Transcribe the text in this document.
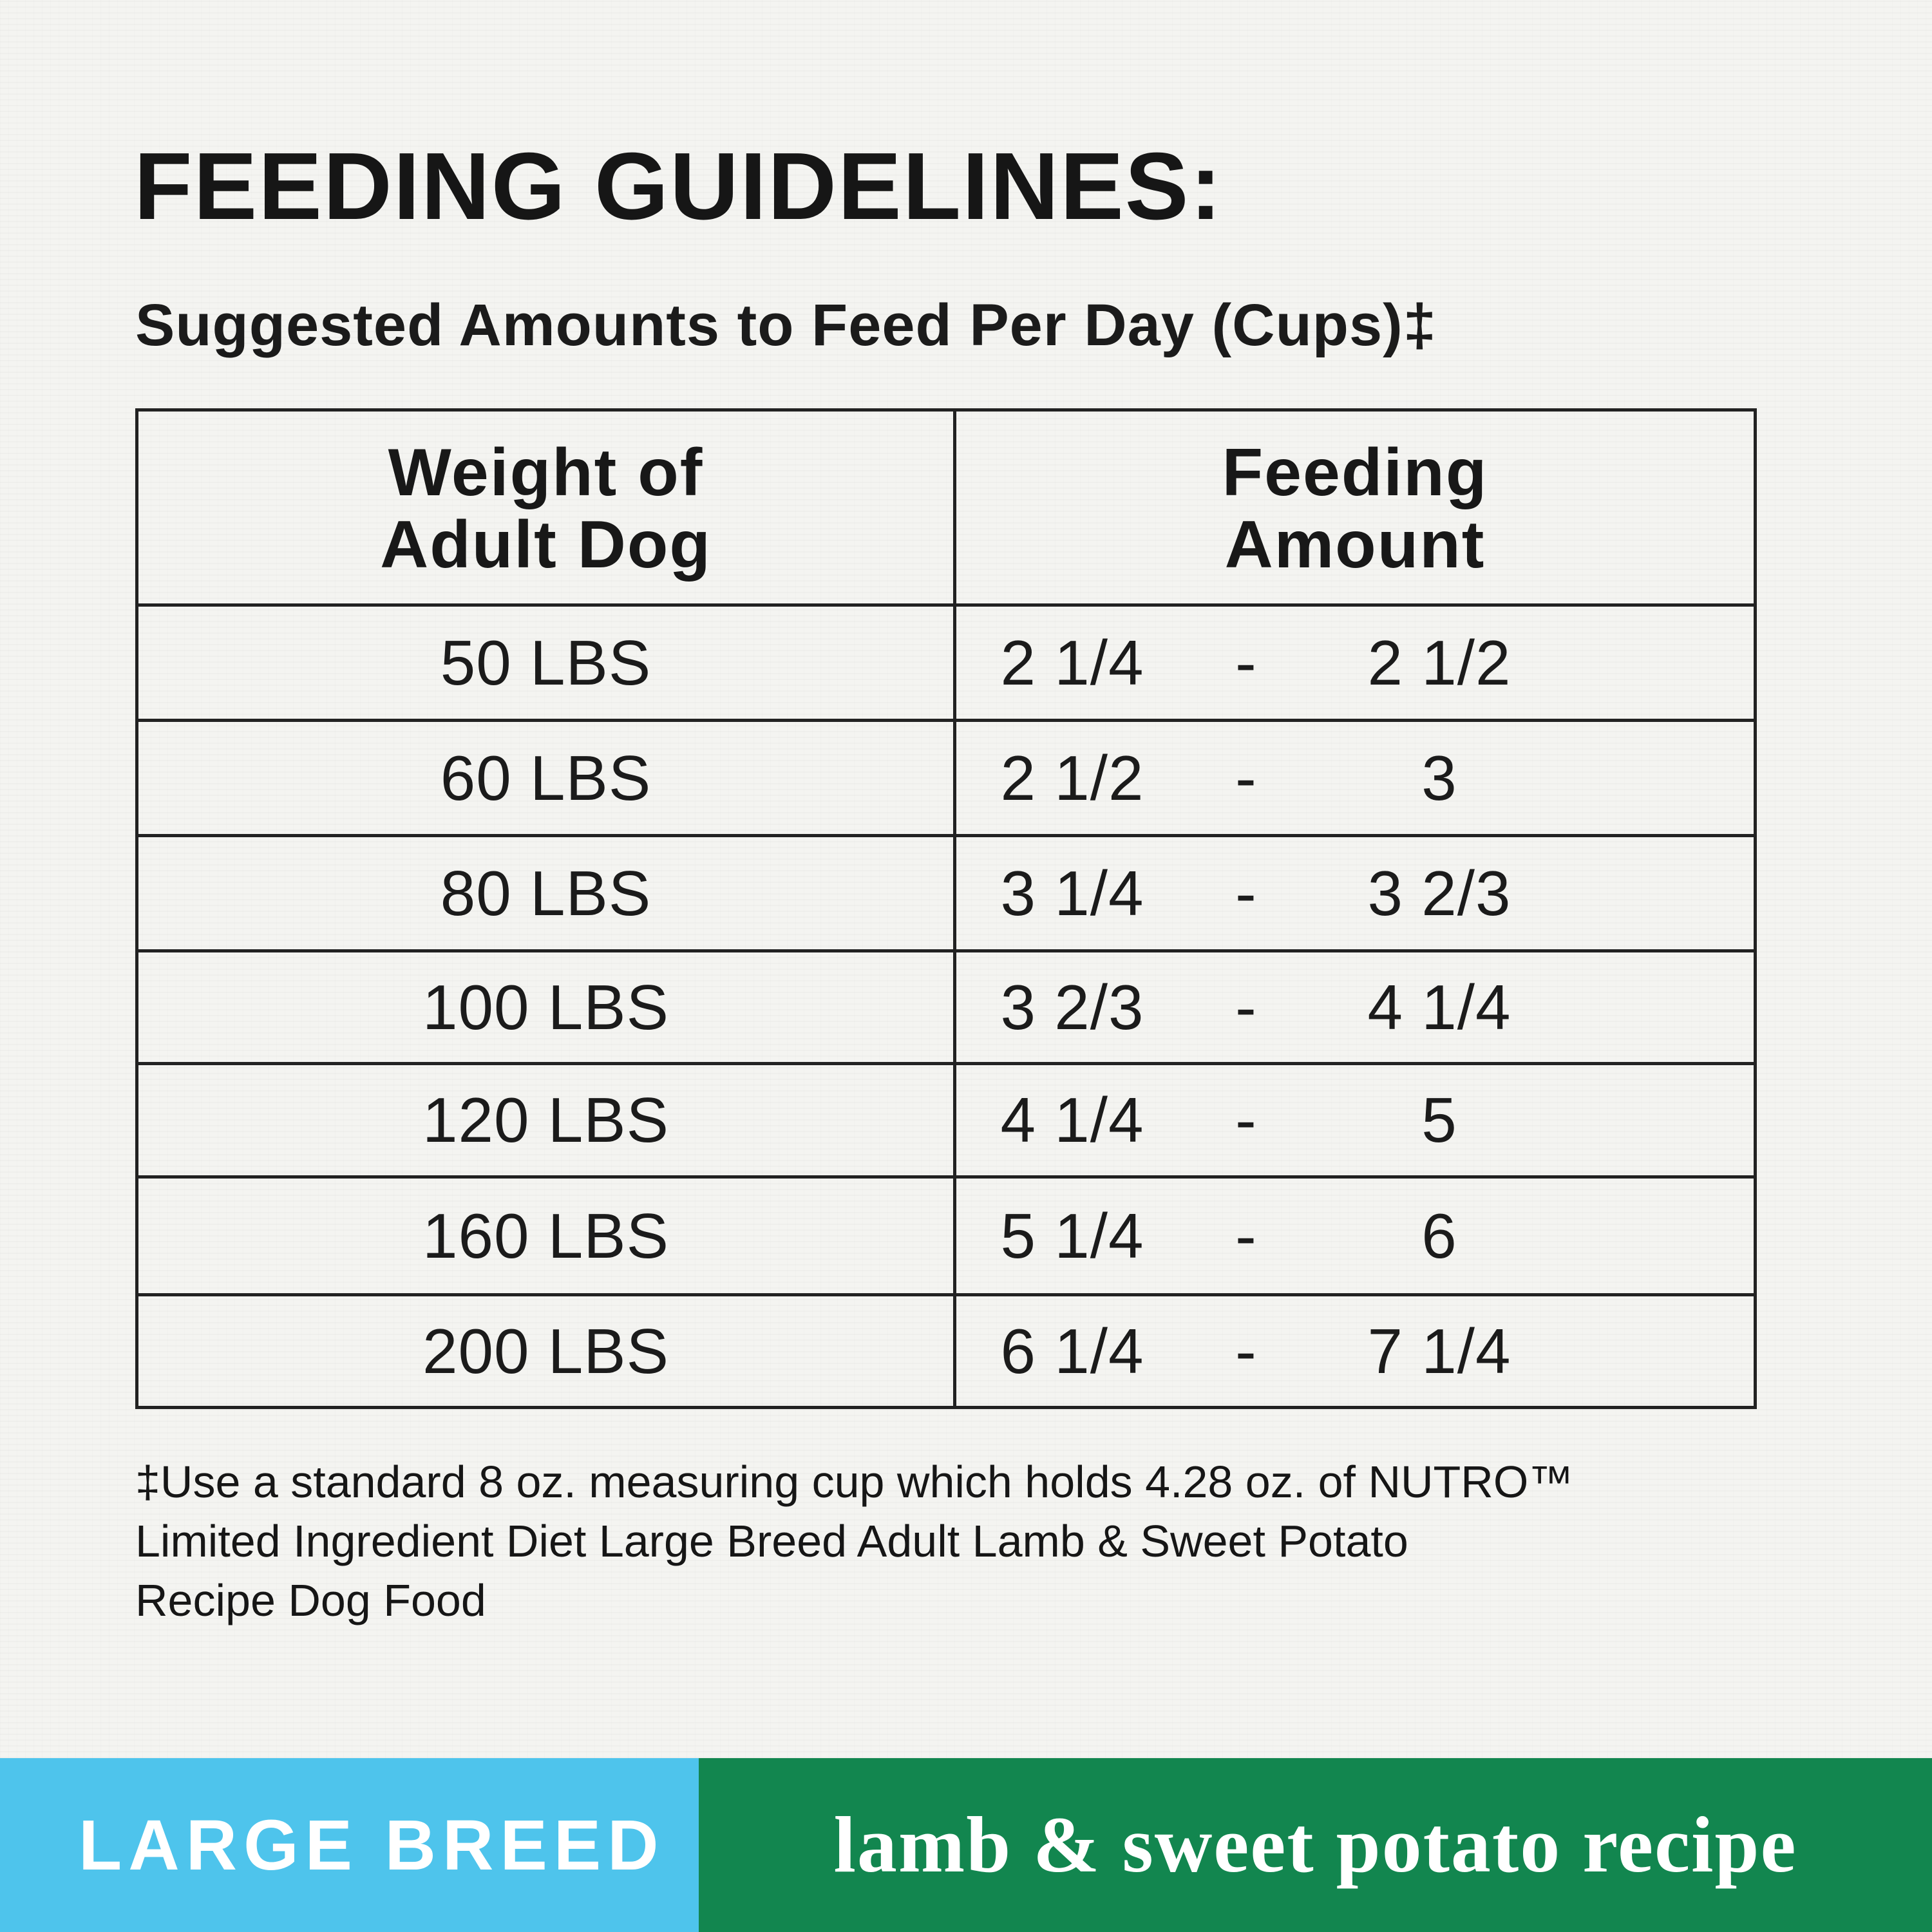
FEEDING GUIDELINES:
Suggested Amounts to Feed Per Day (Cups)‡
Weight of
Adult Dog
Feeding
Amount
50 LBS	2 1/4	-	2 1/2
60 LBS	2 1/2	-	3
80 LBS	3 1/4	-	3 2/3
100 LBS	3 2/3	-	4 1/4
120 LBS	4 1/4	-	5
160 LBS	5 1/4	-	6
200 LBS	6 1/4	-	7 1/4

‡Use a standard 8 oz. measuring cup which holds 4.28 oz. of NUTRO™

Limited Ingredient Diet Large Breed Adult Lamb & Sweet Potato

Recipe Dog Food

LARGE BREED lamb & sweet potato recipe
